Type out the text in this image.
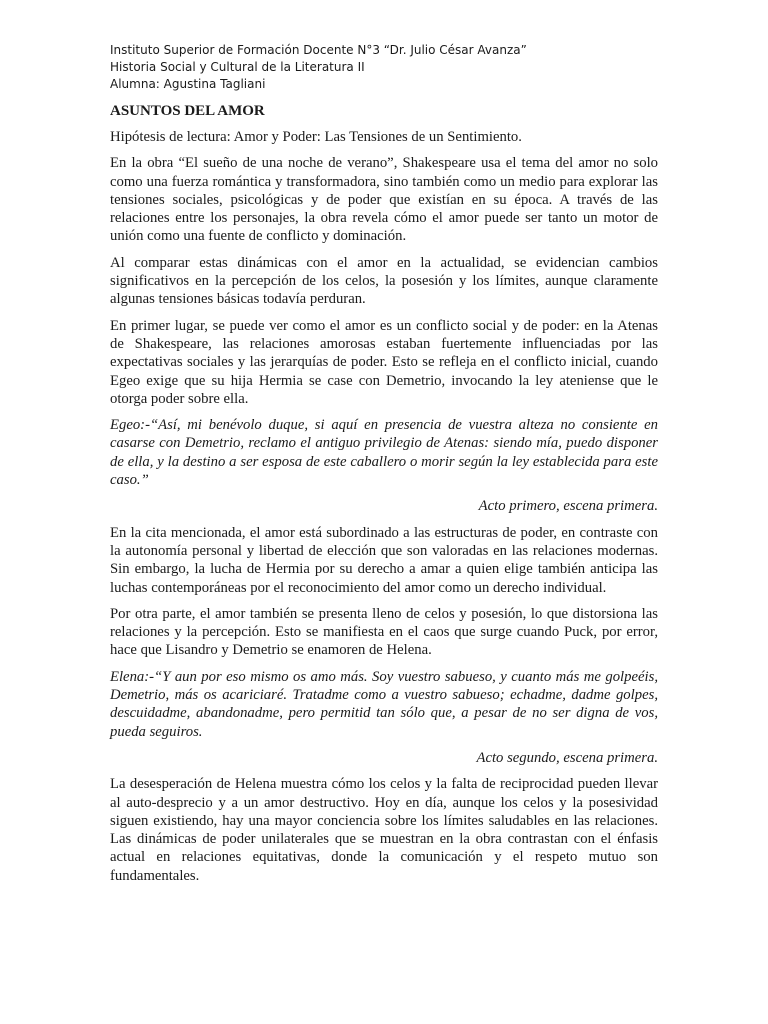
Instituto Superior de Formación Docente N°3 “Dr. Julio César Avanza”

Historia Social y Cultural de la Literatura II

Alumna: Agustina Tagliani

ASUNTOS DEL AMOR

Hipótesis de lectura: Amor y Poder: Las Tensiones de un Sentimiento.

En la obra “El sueño de una noche de verano”, Shakespeare usa el tema del amor no solo como una fuerza romántica y transformadora, sino también como un medio para explorar las tensiones sociales, psicológicas y de poder que existían en su época. A través de las relaciones entre los personajes, la obra revela cómo el amor puede ser tanto un motor de unión como una fuente de conflicto y dominación.

Al comparar estas dinámicas con el amor en la actualidad, se evidencian cambios significativos en la percepción de los celos, la posesión y los límites, aunque claramente algunas tensiones básicas todavía perduran.

En primer lugar, se puede ver como el amor es un conflicto social y de poder: en la Atenas de Shakespeare, las relaciones amorosas estaban fuertemente influenciadas por las expectativas sociales y las jerarquías de poder. Esto se refleja en el conflicto inicial, cuando Egeo exige que su hija Hermia se case con Demetrio, invocando la ley ateniense que le otorga poder sobre ella.

Egeo:-“Así, mi benévolo duque, si aquí en presencia de vuestra alteza no consiente en casarse con Demetrio, reclamo el antiguo privilegio de Atenas: siendo mía, puedo disponer de ella, y la destino a ser esposa de este caballero o morir según la ley establecida para este caso.”

Acto primero, escena primera.

En la cita mencionada, el amor está subordinado a las estructuras de poder, en contraste con la autonomía personal y libertad de elección que son valoradas en las relaciones modernas. Sin embargo, la lucha de Hermia por su derecho a amar a quien elige también anticipa las luchas contemporáneas por el reconocimiento del amor como un derecho individual.

Por otra parte, el amor también se presenta lleno de celos y posesión, lo que distorsiona las relaciones y la percepción. Esto se manifiesta en el caos que surge cuando Puck, por error, hace que Lisandro y Demetrio se enamoren de Helena.

Elena:-“Y aun por eso mismo os amo más. Soy vuestro sabueso, y cuanto más me golpeéis, Demetrio, más os acariciaré. Tratadme como a vuestro sabueso; echadme, dadme golpes, descuidadme, abandonadme, pero permitid tan sólo que, a pesar de no ser digna de vos, pueda seguiros.

Acto segundo, escena primera.

La desesperación de Helena muestra cómo los celos y la falta de reciprocidad pueden llevar al auto-desprecio y a un amor destructivo. Hoy en día, aunque los celos y la posesividad siguen existiendo, hay una mayor conciencia sobre los límites saludables en las relaciones. Las dinámicas de poder unilaterales que se muestran en la obra contrastan con el énfasis actual en relaciones equitativas, donde la comunicación y el respeto mutuo son fundamentales.
